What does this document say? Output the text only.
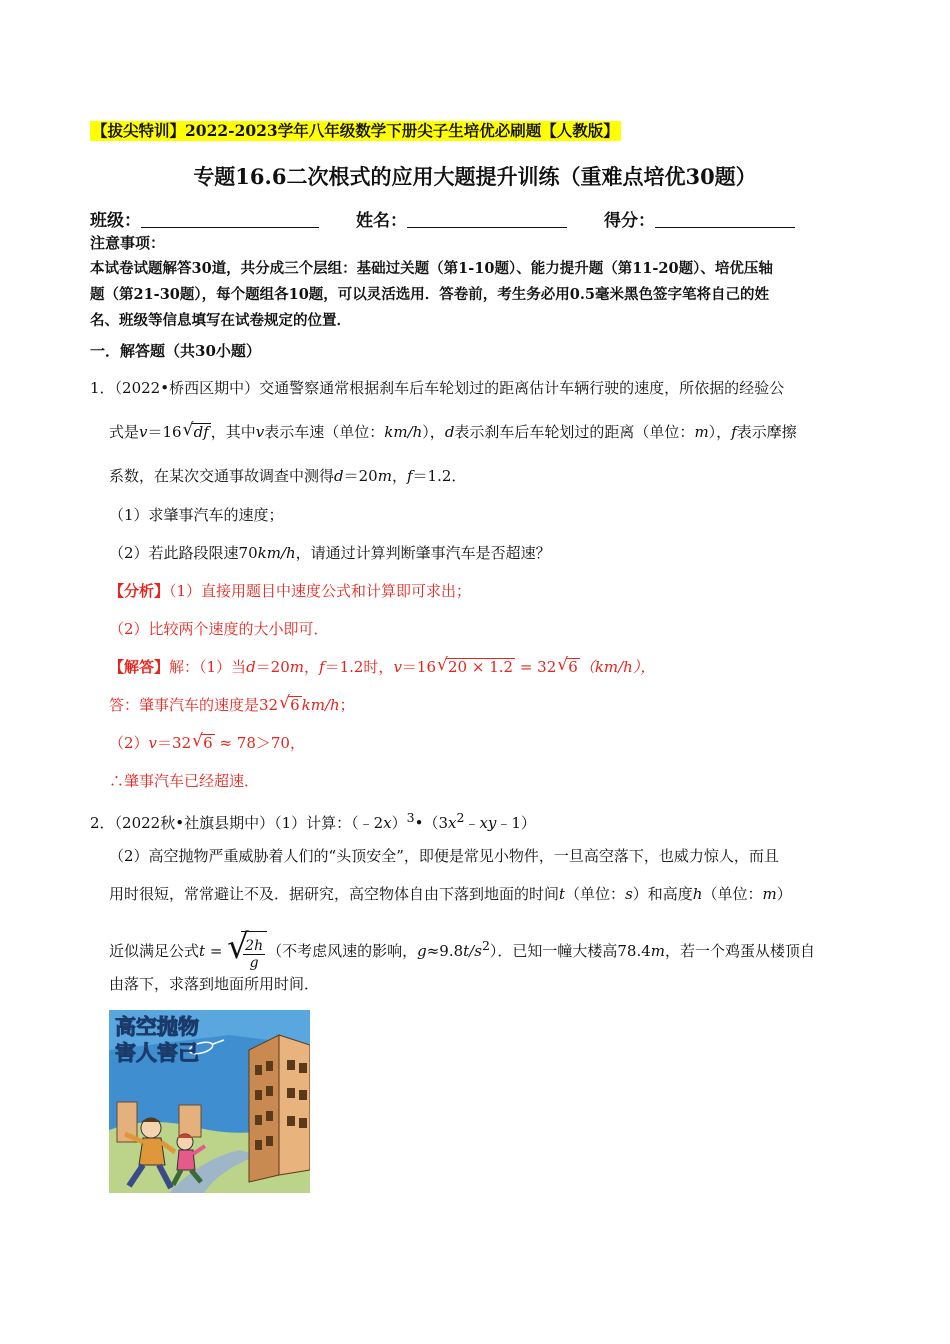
【拔尖特训】2022-2023学年八年级数学下册尖子生培优必刷题【人教版】
专题16.6二次根式的应用大题提升训练（重难点培优30题）
班级：	姓名：	得分：
注意事项：
本试卷试题解答30道，共分成三个层组：基础过关题（第1-10题）、能力提升题（第11-20题）、培优压轴
题（第21-30题），每个题组各10题，可以灵活选用．答卷前，考生务必用0.5毫米黑色签字笔将自己的姓
名、班级等信息填写在试卷规定的位置．
一．解答题（共30小题）
1．（2022•桥西区期中）交通警察通常根据刹车后车轮划过的距离估计车辆行驶的速度，所依据的经验公
式是v＝16 √ df ，其中v表示车速（单位：km/h），d表示刹车后车轮划过的距离（单位：m），f表示摩擦
系数，在某次交通事故调查中测得d＝20m，f＝1.2．
（1）求肇事汽车的速度；
（2）若此路段限速70km/h，请通过计算判断肇事汽车是否超速？
【分析】（1）直接用题目中速度公式和计算即可求出；
（2）比较两个速度的大小即可．
【解答】解：（1）当d＝20m，f＝1.2时，v＝16 √ 20 × 1.2 = 32 √ 6 （km/h），
答：肇事汽车的速度是32 √ 6 km/h；
（2）v＝32 √ 6 ≈ 78＞70，
∴肇事汽车已经超速．
2．（2022秋•社旗县期中）（1）计算：$(﹣2x)^3•(3x^2﹣xy﹣1)$
（2）高空抛物严重威胁着人们的“头顶安全”，即便是常见小物件，一旦高空落下，也威力惊人，而且
用时很短，常常避让不及．据研究，高空物体自由下落到地面的时间t（单位：s）和高度h（单位：m）
近似满足公式t = √
$\frac{2h}{g}$ （不考虑风速的影响，$g\approx 9.8t/s^2$）．已知一幢大楼高78.4m，若一个鸡蛋从楼顶自
由落下，求落到地面所用时间．
高空抛物
害人害己
